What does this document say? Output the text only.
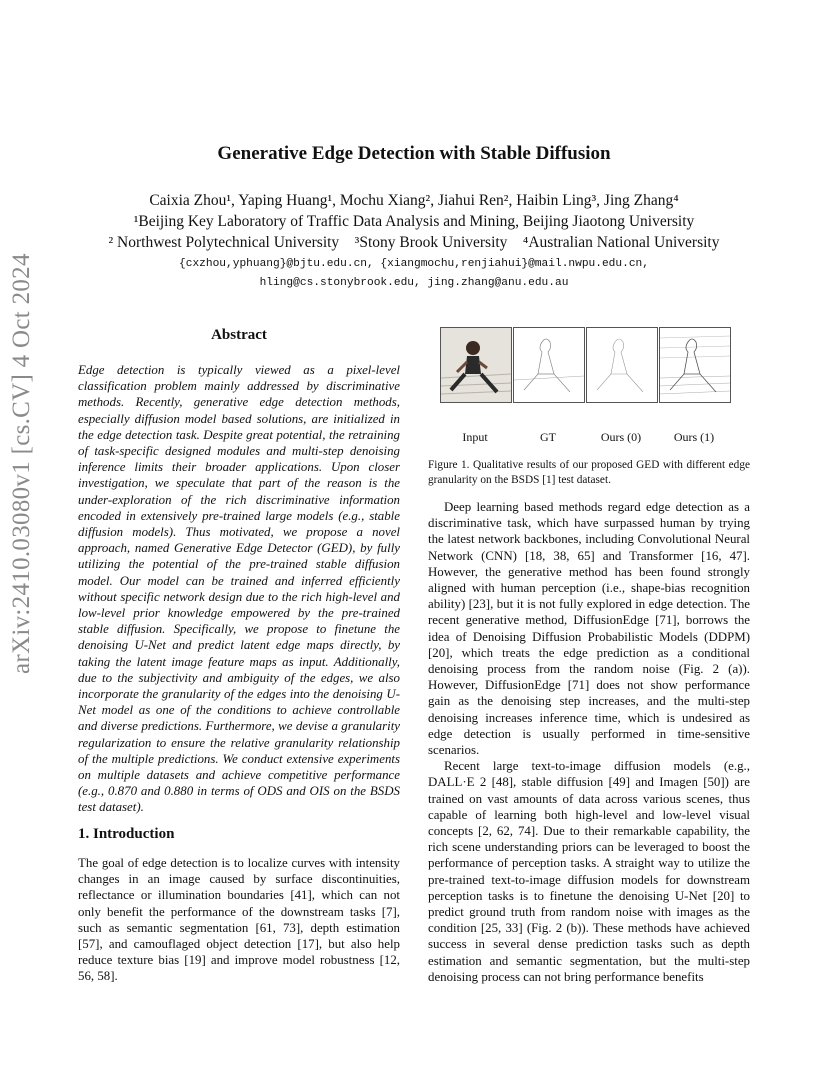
arXiv:2410.03080v1 [cs.CV] 4 Oct 2024
Generative Edge Detection with Stable Diffusion
Caixia Zhou¹, Yaping Huang¹, Mochu Xiang², Jiahui Ren², Haibin Ling³, Jing Zhang⁴
¹Beijing Key Laboratory of Traffic Data Analysis and Mining, Beijing Jiaotong University
² Northwest Polytechnical University    ³Stony Brook University    ⁴Australian National University
{cxzhou,yphuang}@bjtu.edu.cn, {xiangmochu,renjiahui}@mail.nwpu.edu.cn,
hling@cs.stonybrook.edu, jing.zhang@anu.edu.au
Abstract
Edge detection is typically viewed as a pixel-level classification problem mainly addressed by discriminative methods. Recently, generative edge detection methods, especially diffusion model based solutions, are initialized in the edge detection task. Despite great potential, the retraining of task-specific designed modules and multi-step denoising inference limits their broader applications. Upon closer investigation, we speculate that part of the reason is the under-exploration of the rich discriminative information encoded in extensively pre-trained large models (e.g., stable diffusion models). Thus motivated, we propose a novel approach, named Generative Edge Detector (GED), by fully utilizing the potential of the pre-trained stable diffusion model. Our model can be trained and inferred efficiently without specific network design due to the rich high-level and low-level prior knowledge empowered by the pre-trained stable diffusion. Specifically, we propose to finetune the denoising U-Net and predict latent edge maps directly, by taking the latent image feature maps as input. Additionally, due to the subjectivity and ambiguity of the edges, we also incorporate the granularity of the edges into the denoising U-Net model as one of the conditions to achieve controllable and diverse predictions. Furthermore, we devise a granularity regularization to ensure the relative granularity relationship of the multiple predictions. We conduct extensive experiments on multiple datasets and achieve competitive performance (e.g., 0.870 and 0.880 in terms of ODS and OIS on the BSDS test dataset).
1. Introduction
The goal of edge detection is to localize curves with intensity changes in an image caused by surface discontinuities, reflectance or illumination boundaries [41], which can not only benefit the performance of the downstream tasks [7], such as semantic segmentation [61, 73], depth estimation [57], and camouflaged object detection [17], but also help reduce texture bias [19] and improve model robustness [12, 56, 58].
Input	GT	Ours (0)	Ours (1)
Figure 1. Qualitative results of our proposed GED with different edge granularity on the BSDS [1] test dataset.

Deep learning based methods regard edge detection as a discriminative task, which have surpassed human by trying the latest network backbones, including Convolutional Neural Network (CNN) [18, 38, 65] and Transformer [16, 47]. However, the generative method has been found strongly aligned with human perception (i.e., shape-bias recognition ability) [23], but it is not fully explored in edge detection. The recent generative method, DiffusionEdge [71], borrows the idea of Denoising Diffusion Probabilistic Models (DDPM) [20], which treats the edge prediction as a conditional denoising process from the random noise (Fig. 2 (a)). However, DiffusionEdge [71] does not show performance gain as the denoising step increases, and the multi-step denoising increases inference time, which is undesired as edge detection is usually performed in time-sensitive scenarios.

Recent large text-to-image diffusion models (e.g., DALL·E 2 [48], stable diffusion [49] and Imagen [50]) are trained on vast amounts of data across various scenes, thus capable of learning both high-level and low-level visual concepts [2, 62, 74]. Due to their remarkable capability, the rich scene understanding priors can be leveraged to boost the performance of perception tasks. A straight way to utilize the pre-trained text-to-image diffusion models for downstream perception tasks is to finetune the denoising U-Net [20] to predict ground truth from random noise with images as the condition [25, 33] (Fig. 2 (b)). These methods have achieved success in several dense prediction tasks such as depth estimation and semantic segmentation, but the multi-step denoising process can not bring performance benefits
